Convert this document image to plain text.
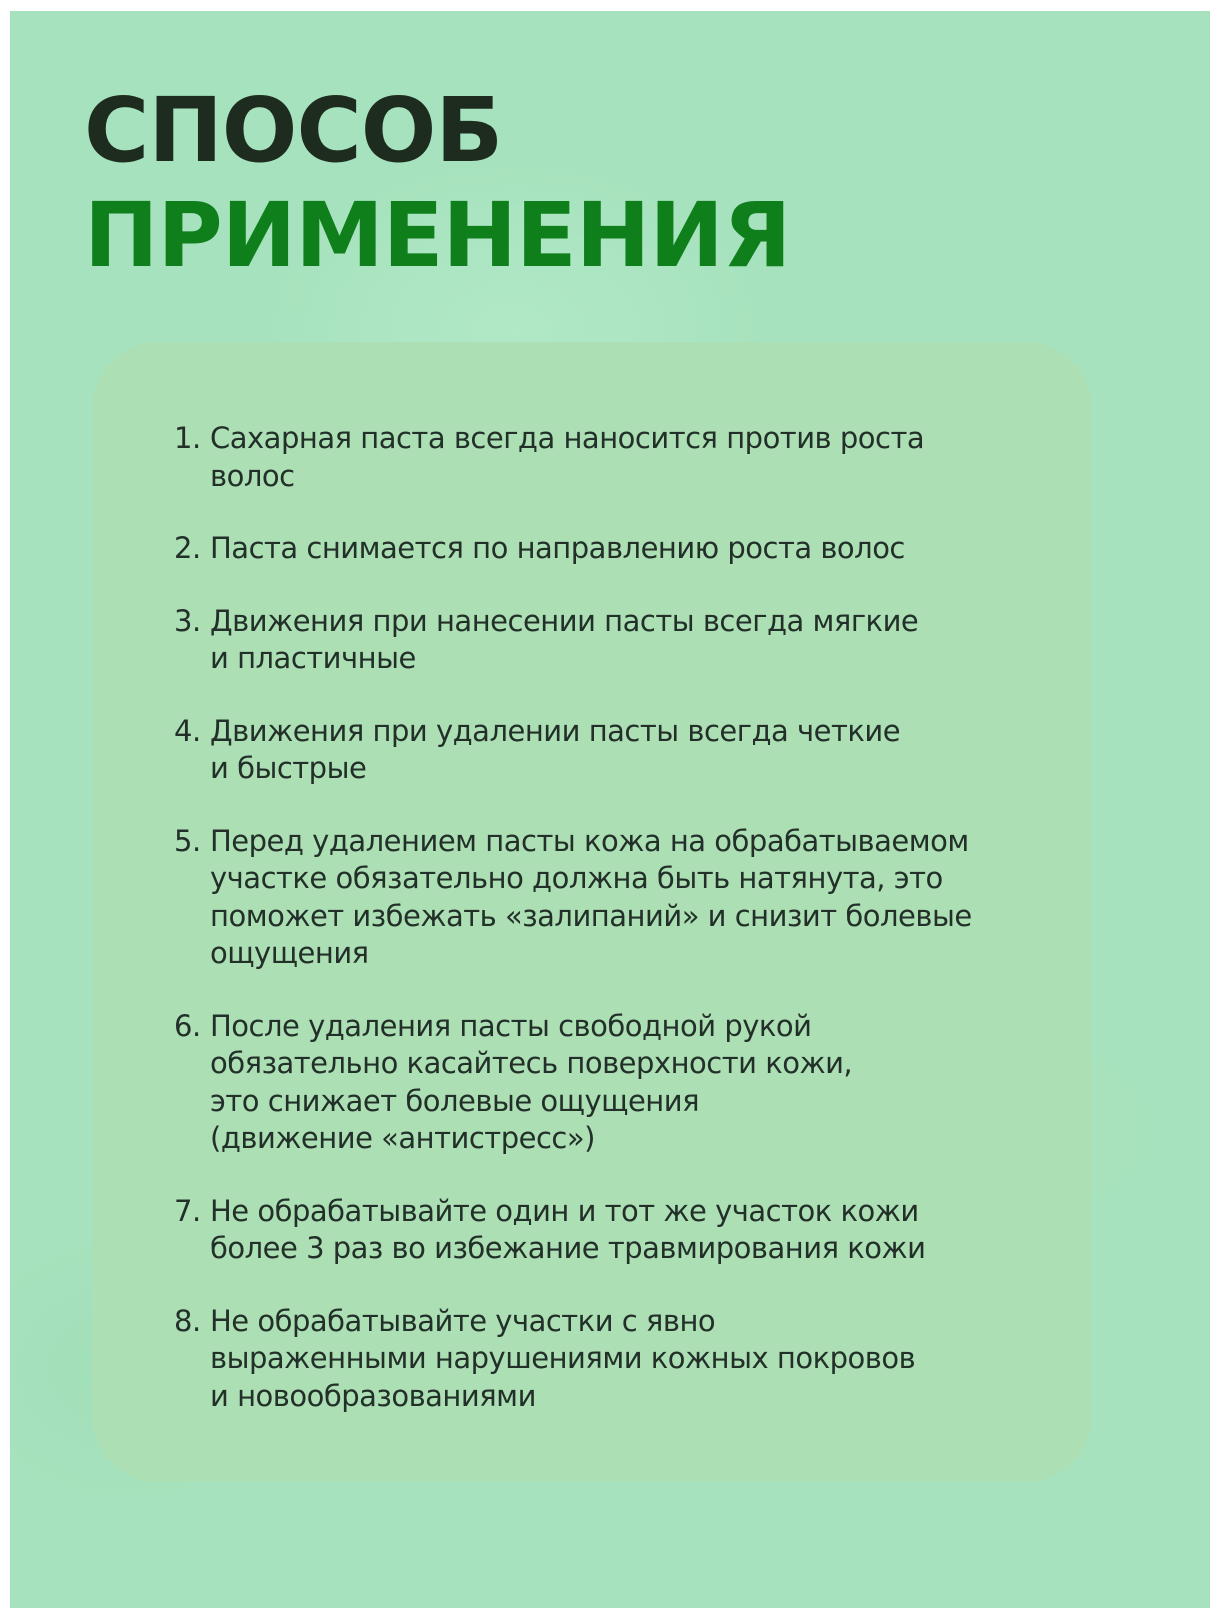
СПОСОБ
ПРИМЕНЕНИЯ
1. Сахарная паста всегда наносится против роста
волос
2. Паста снимается по направлению роста волос
3. Движения при нанесении пасты всегда мягкие
и пластичные
4. Движения при удалении пасты всегда четкие
и быстрые
5. Перед удалением пасты кожа на обрабатываемом
участке обязательно должна быть натянута, это
поможет избежать «залипаний» и снизит болевые
ощущения
6. После удаления пасты свободной рукой
обязательно касайтесь поверхности кожи,
это снижает болевые ощущения
(движение «антистресс»)
7. Не обрабатывайте один и тот же участок кожи
более 3 раз во избежание травмирования кожи
8. Не обрабатывайте участки с явно
выраженными нарушениями кожных покровов
и новообразованиями
